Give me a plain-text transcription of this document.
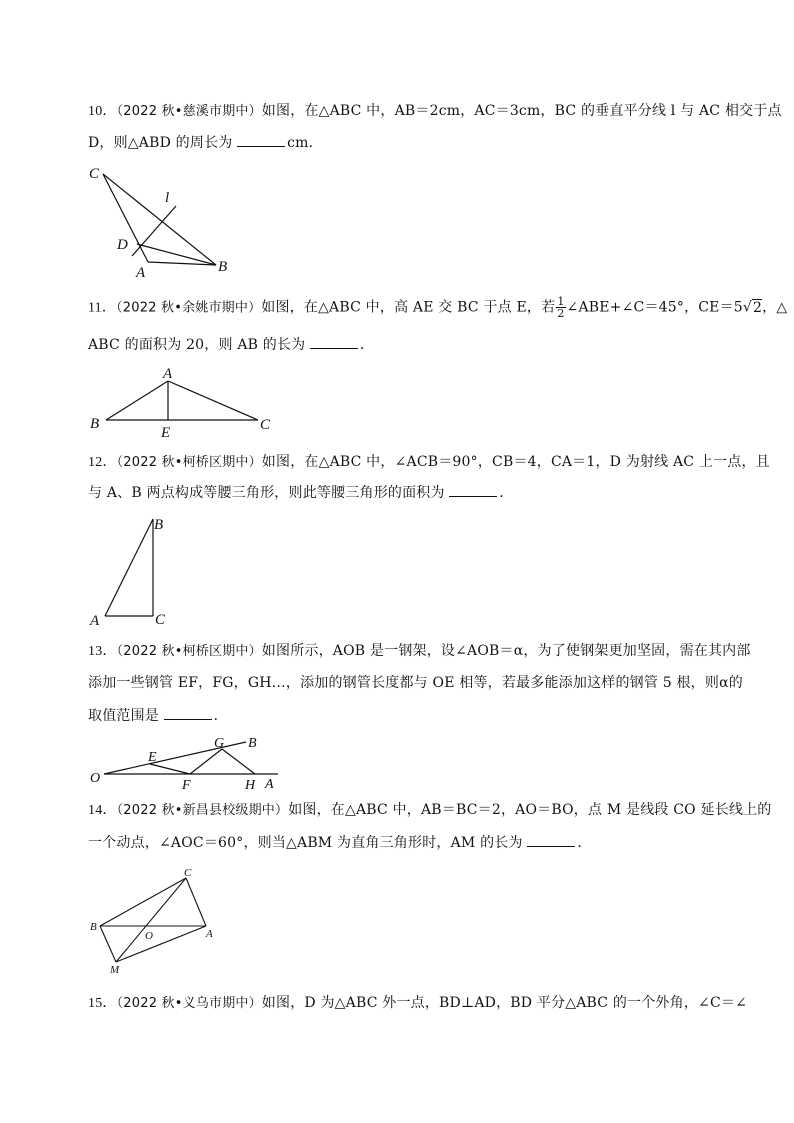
10．（2022 秋•慈溪市期中）如图，在△ABC 中，AB＝2cm，AC＝3cm，BC 的垂直平分线 l 与 AC 相交于点
D，则△ABD 的周长为	cm．
C
l
D
A	B
11．（2022 秋•余姚市期中）如图，在△ABC 中，高 AE 交 BC 于点 E，若 $\frac{1}{2}$ ∠ABE+∠C＝45°，CE＝5√2，△
ABC 的面积为 20，则 AB 的长为	．
A
B
E	C
12．（2022 秋•柯桥区期中）如图，在△ABC 中，∠ACB＝90°，CB＝4，CA＝1，D 为射线 AC 上一点，且
与 A、B 两点构成等腰三角形，则此等腰三角形的面积为	．
B
A	C
13．（2022 秋•柯桥区期中）如图所示，AOB 是一钢架，设∠AOB＝α，为了使钢架更加坚固，需在其内部
添加一些钢管 EF，FG，GH…，添加的钢管长度都与 OE 相等，若最多能添加这样的钢管 5 根，则α的
取值范围是	．
O
E
G B
F	H A
14．（2022 秋•新昌县校级期中）如图，在△ABC 中，AB＝BC＝2，AO＝BO，点 M 是线段 CO 延长线上的
一个动点，∠AOC＝60°，则当△ABM 为直角三角形时，AM 的长为	．
C
B
O	A
M
15．（2022 秋•义乌市期中）如图，D 为△ABC 外一点，BD⊥AD，BD 平分△ABC 的一个外角，∠C＝∠
